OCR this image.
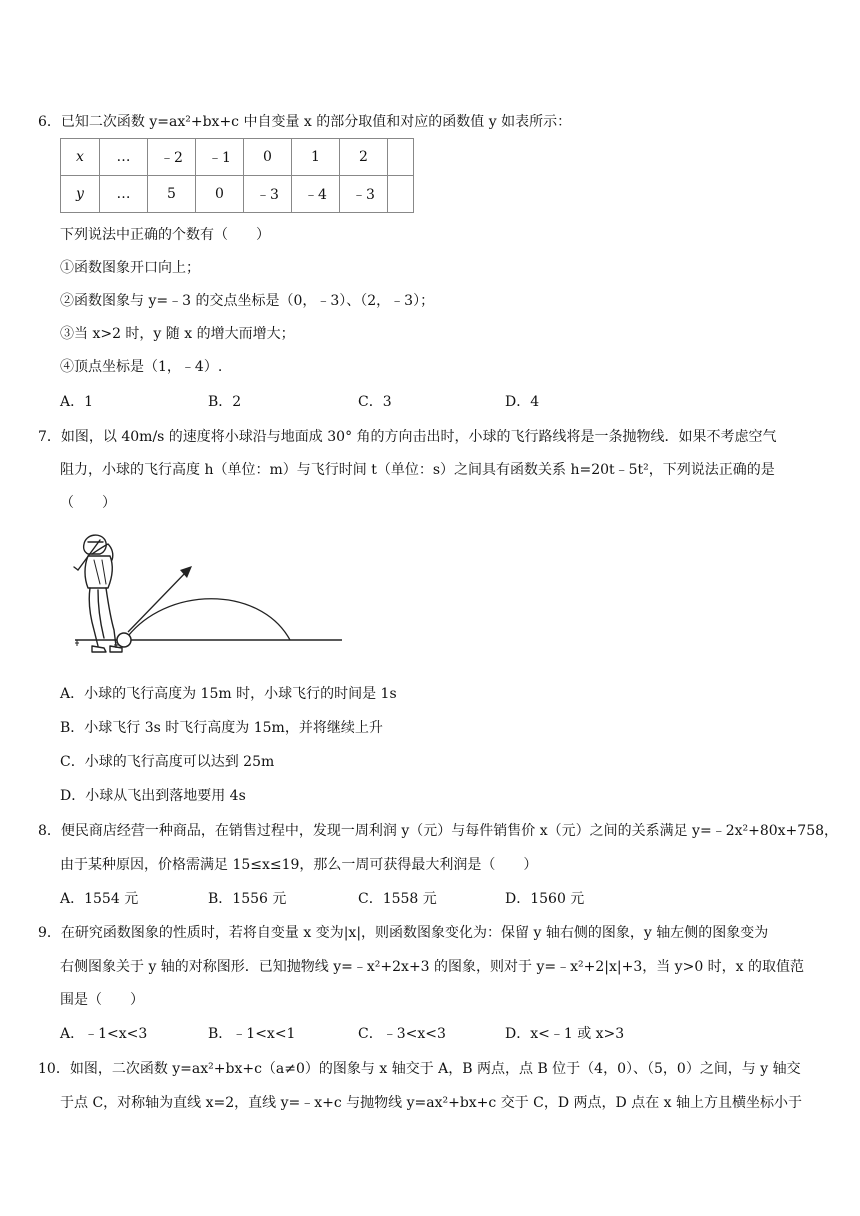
6．已知二次函数 y=ax²+bx+c 中自变量 x 的部分取值和对应的函数值 y 如表所示：
x	…	﹣2	﹣1	0	1	2	
y	…	5	0	﹣3	﹣4	﹣3	
下列说法中正确的个数有（　　）
①函数图象开口向上；
②函数图象与 y=﹣3 的交点坐标是（0，﹣3）、（2，﹣3）；
③当 x>2 时，y 随 x 的增大而增大；
④顶点坐标是（1，﹣4）.
A．1	B．2	C．3	D．4
7．如图，以 40m/s 的速度将小球沿与地面成 30° 角的方向击出时，小球的飞行路线将是一条抛物线．如果不考虑空气
阻力，小球的飞行高度 h（单位：m）与飞行时间 t（单位：s）之间具有函数关系 h=20t﹣5t²，下列说法正确的是
（　　）
A．小球的飞行高度为 15m 时，小球飞行的时间是 1s
B．小球飞行 3s 时飞行高度为 15m，并将继续上升
C．小球的飞行高度可以达到 25m
D．小球从飞出到落地要用 4s
8．便民商店经营一种商品，在销售过程中，发现一周利润 y（元）与每件销售价 x（元）之间的关系满足 y=﹣2x²+80x+758，
由于某种原因，价格需满足 15≤x≤19，那么一周可获得最大利润是（　　）
A．1554 元	B．1556 元	C．1558 元	D．1560 元
9．在研究函数图象的性质时，若将自变量 x 变为|x|，则函数图象变化为：保留 y 轴右侧的图象，y 轴左侧的图象变为
右侧图象关于 y 轴的对称图形．已知抛物线 y=﹣x²+2x+3 的图象，则对于 y=﹣x²+2|x|+3，当 y>0 时，x 的取值范
围是（　　）
A．﹣1<x<3	B．﹣1<x<1	C．﹣3<x<3	D．x<﹣1 或 x>3
10．如图，二次函数 y=ax²+bx+c（a≠0）的图象与 x 轴交于 A，B 两点，点 B 位于（4，0）、（5，0）之间，与 y 轴交
于点 C，对称轴为直线 x=2，直线 y=﹣x+c 与抛物线 y=ax²+bx+c 交于 C，D 两点，D 点在 x 轴上方且横坐标小于
